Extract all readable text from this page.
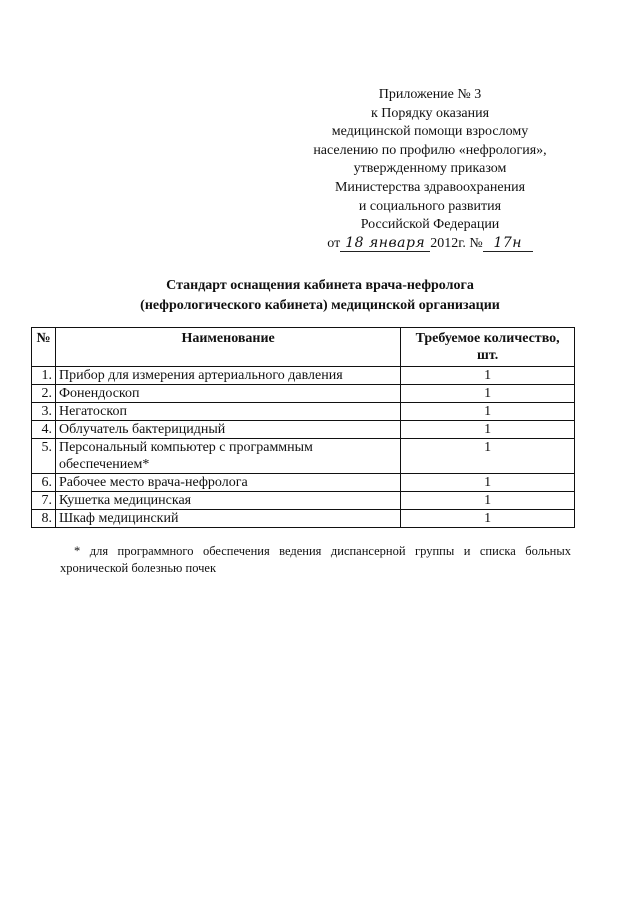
Приложение № 3
к Порядку оказания
медицинской помощи взрослому
населению по профилю «нефрология»,
утвержденному приказом
Министерства здравоохранения
и социального развития
Российской Федерации
от 18 января 2012г. № 17н
Стандарт оснащения кабинета врача-нефролога
(нефрологического кабинета) медицинской организации
№	Наименование	Требуемое количество, шт.
1.	Прибор для измерения артериального давления	1
2.	Фонендоскоп	1
3.	Негатоскоп	1
4.	Облучатель бактерицидный	1
5.	Персональный компьютер с программным обеспечением*	1
6.	Рабочее место врача-нефролога	1
7.	Кушетка медицинская	1
8.	Шкаф медицинский	1
* для программного обеспечения ведения диспансерной группы и списка больных хронической болезнью почек
